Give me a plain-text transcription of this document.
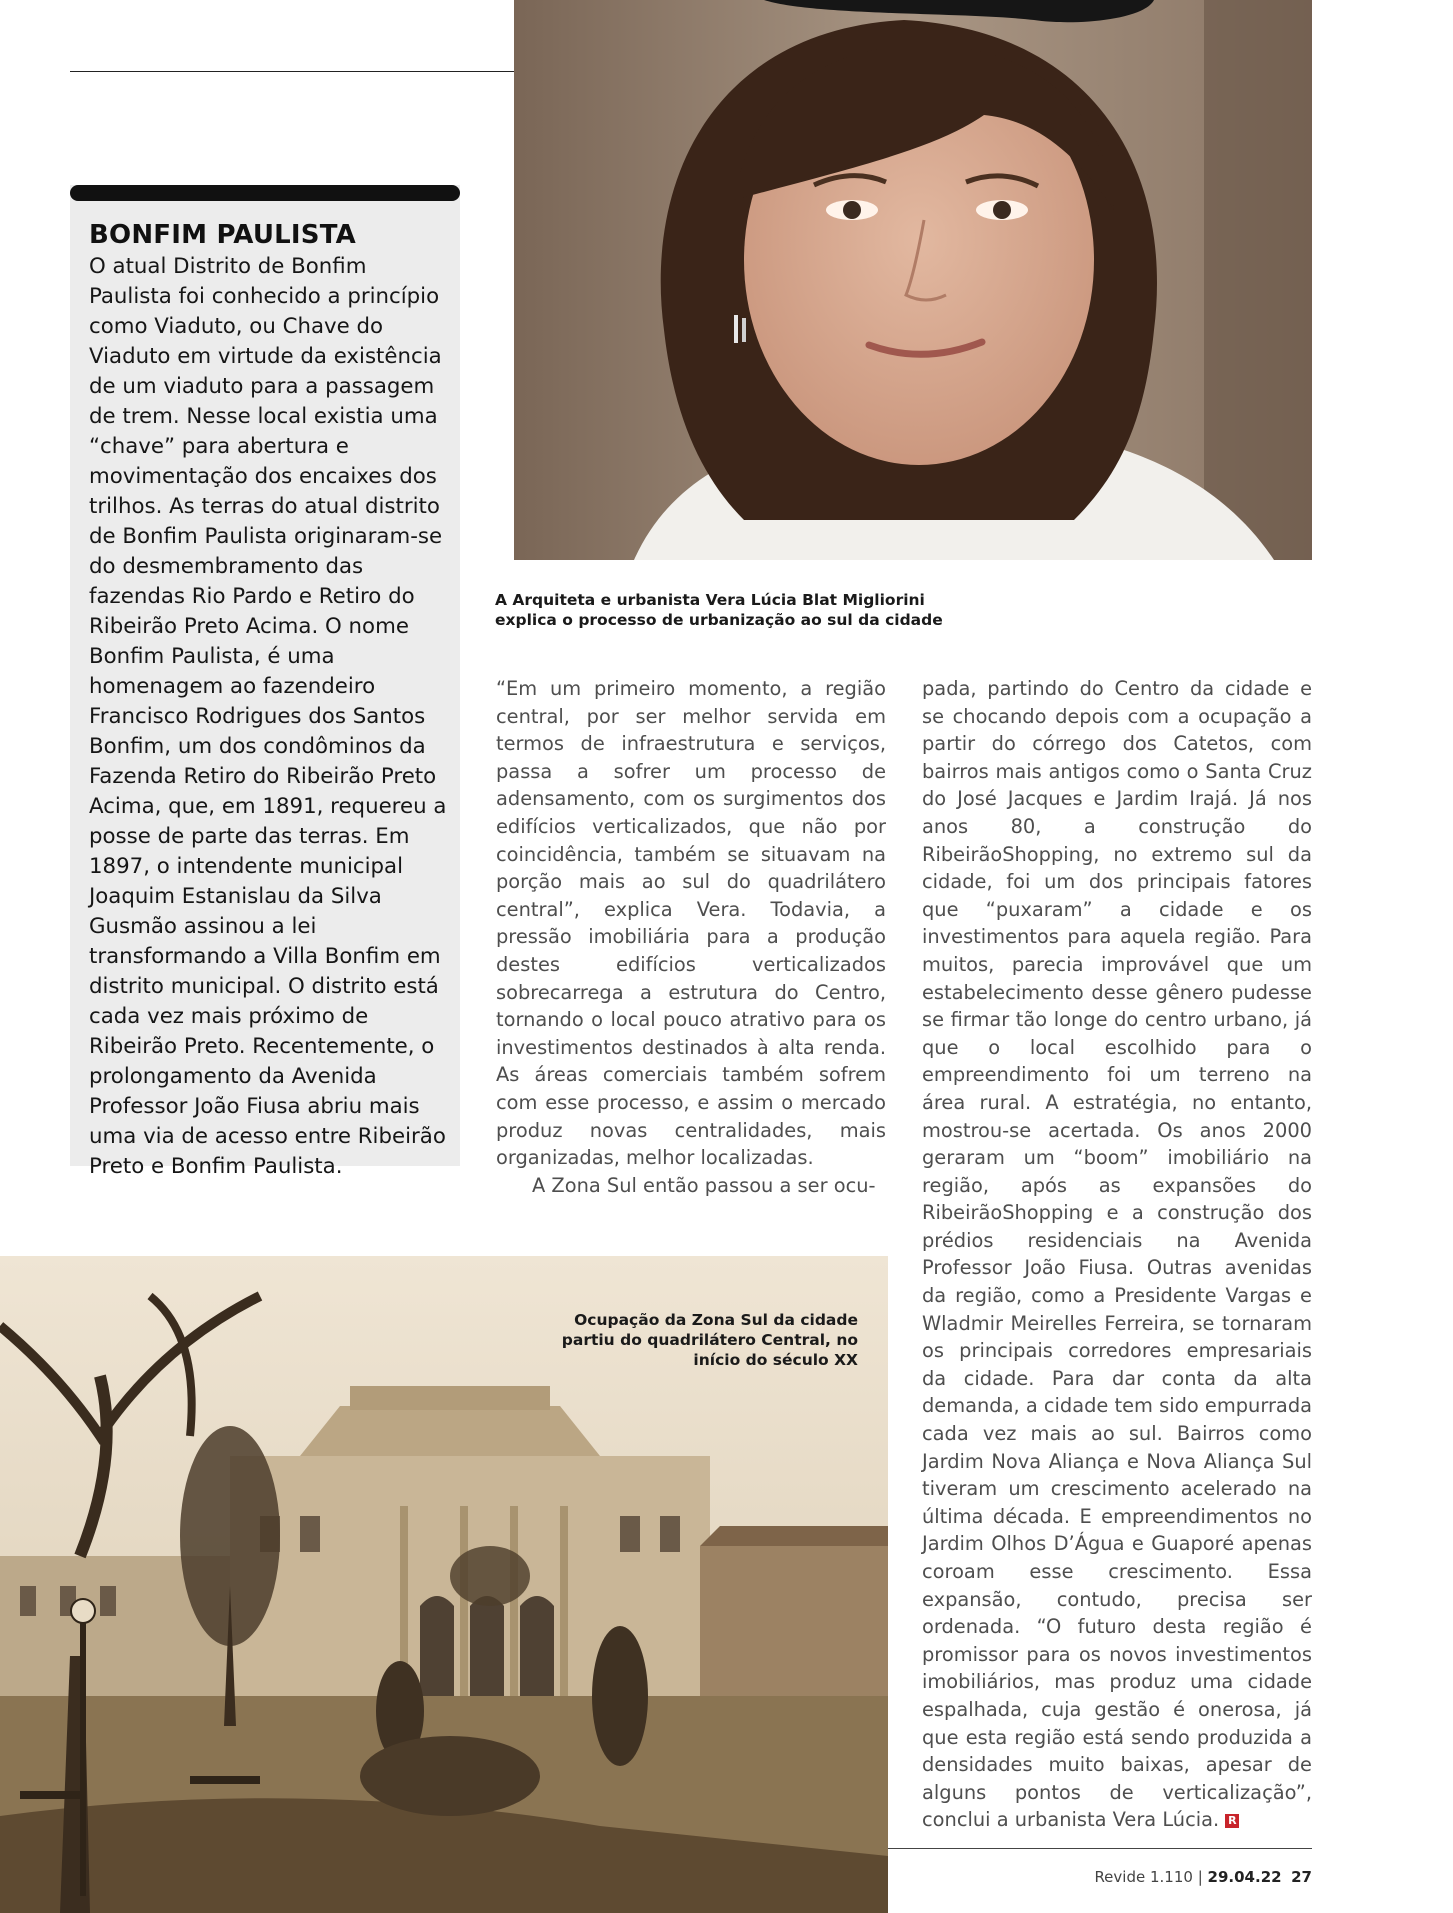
BONFIM PAULISTA
O atual Distrito de Bonfim Paulista foi conhecido a princípio como Viaduto, ou Chave do Viaduto em virtude da existência de um viaduto para a passagem de trem. Nesse local existia uma “chave” para abertura e movimentação dos encaixes dos trilhos. As terras do atual distrito de Bonfim Paulista originaram-se do desmembramento das fazendas Rio Pardo e Retiro do Ribeirão Preto Acima. O nome Bonfim Paulista, é uma homenagem ao fazendeiro Francisco Rodrigues dos Santos Bonfim, um dos condôminos da Fazenda Retiro do Ribeirão Preto Acima, que, em 1891, requereu a posse de parte das terras. Em 1897, o intendente municipal Joaquim Estanislau da Silva Gusmão assinou a lei transformando a Villa Bonfim em distrito municipal. O distrito está cada vez mais próximo de Ribeirão Preto. Recentemente, o prolongamento da Avenida Professor João Fiusa abriu mais uma via de acesso entre Ribeirão Preto e Bonfim Paulista.
A Arquiteta e urbanista Vera Lúcia Blat Migliorini explica o processo de urbanização ao sul da cidade

“Em um primeiro momento, a região central, por ser melhor servida em termos de infraestrutura e serviços, passa a sofrer um processo de adensamento, com os surgimentos dos edifícios verticalizados, que não por coincidência, também se situavam na porção mais ao sul do quadrilátero central”, explica Vera. Todavia, a pressão imobiliária para a produção destes edifícios verticalizados sobrecarrega a estrutura do Centro, tornando o local pouco atrativo para os investimentos destinados à alta renda. As áreas comerciais também sofrem com esse processo, e assim o mercado produz novas centralidades, mais organizadas, melhor localizadas.

A Zona Sul então passou a ser ocu-

pada, partindo do Centro da cidade e se chocando depois com a ocupação a partir do córrego dos Catetos, com bairros mais antigos como o Santa Cruz do José Jacques e Jardim Irajá. Já nos anos 80, a construção do RibeirãoShopping, no extremo sul da cidade, foi um dos principais fatores que “puxaram” a cidade e os investimentos para aquela região. Para muitos, parecia improvável que um estabelecimento desse gênero pudesse se firmar tão longe do centro urbano, já que o local escolhido para o empreendimento foi um terreno na área rural. A estratégia, no entanto, mostrou-se acertada. Os anos 2000 geraram um “boom” imobiliário na região, após as expansões do RibeirãoShopping e a construção dos prédios residenciais na Avenida Professor João Fiusa. Outras avenidas da região, como a Presidente Vargas e Wladmir Meirelles Ferreira, se tornaram os principais corredores empresariais da cidade. Para dar conta da alta demanda, a cidade tem sido empurrada cada vez mais ao sul. Bairros como Jardim Nova Aliança e Nova Aliança Sul tiveram um crescimento acelerado na última década. E empreendimentos no Jardim Olhos D’Água e Guaporé apenas coroam esse crescimento. Essa expansão, contudo, precisa ser ordenada. “O futuro desta região é promissor para os novos investimentos imobiliários, mas produz uma cidade espalhada, cuja gestão é onerosa, já que esta região está sendo produzida a densidades muito baixas, apesar de alguns pontos de verticalização”, conclui a urbanista Vera Lúcia. R

Ocupação da Zona Sul da cidade partiu do quadrilátero Central, no início do século XX
Revide 1.110 | 29.04.22 27
